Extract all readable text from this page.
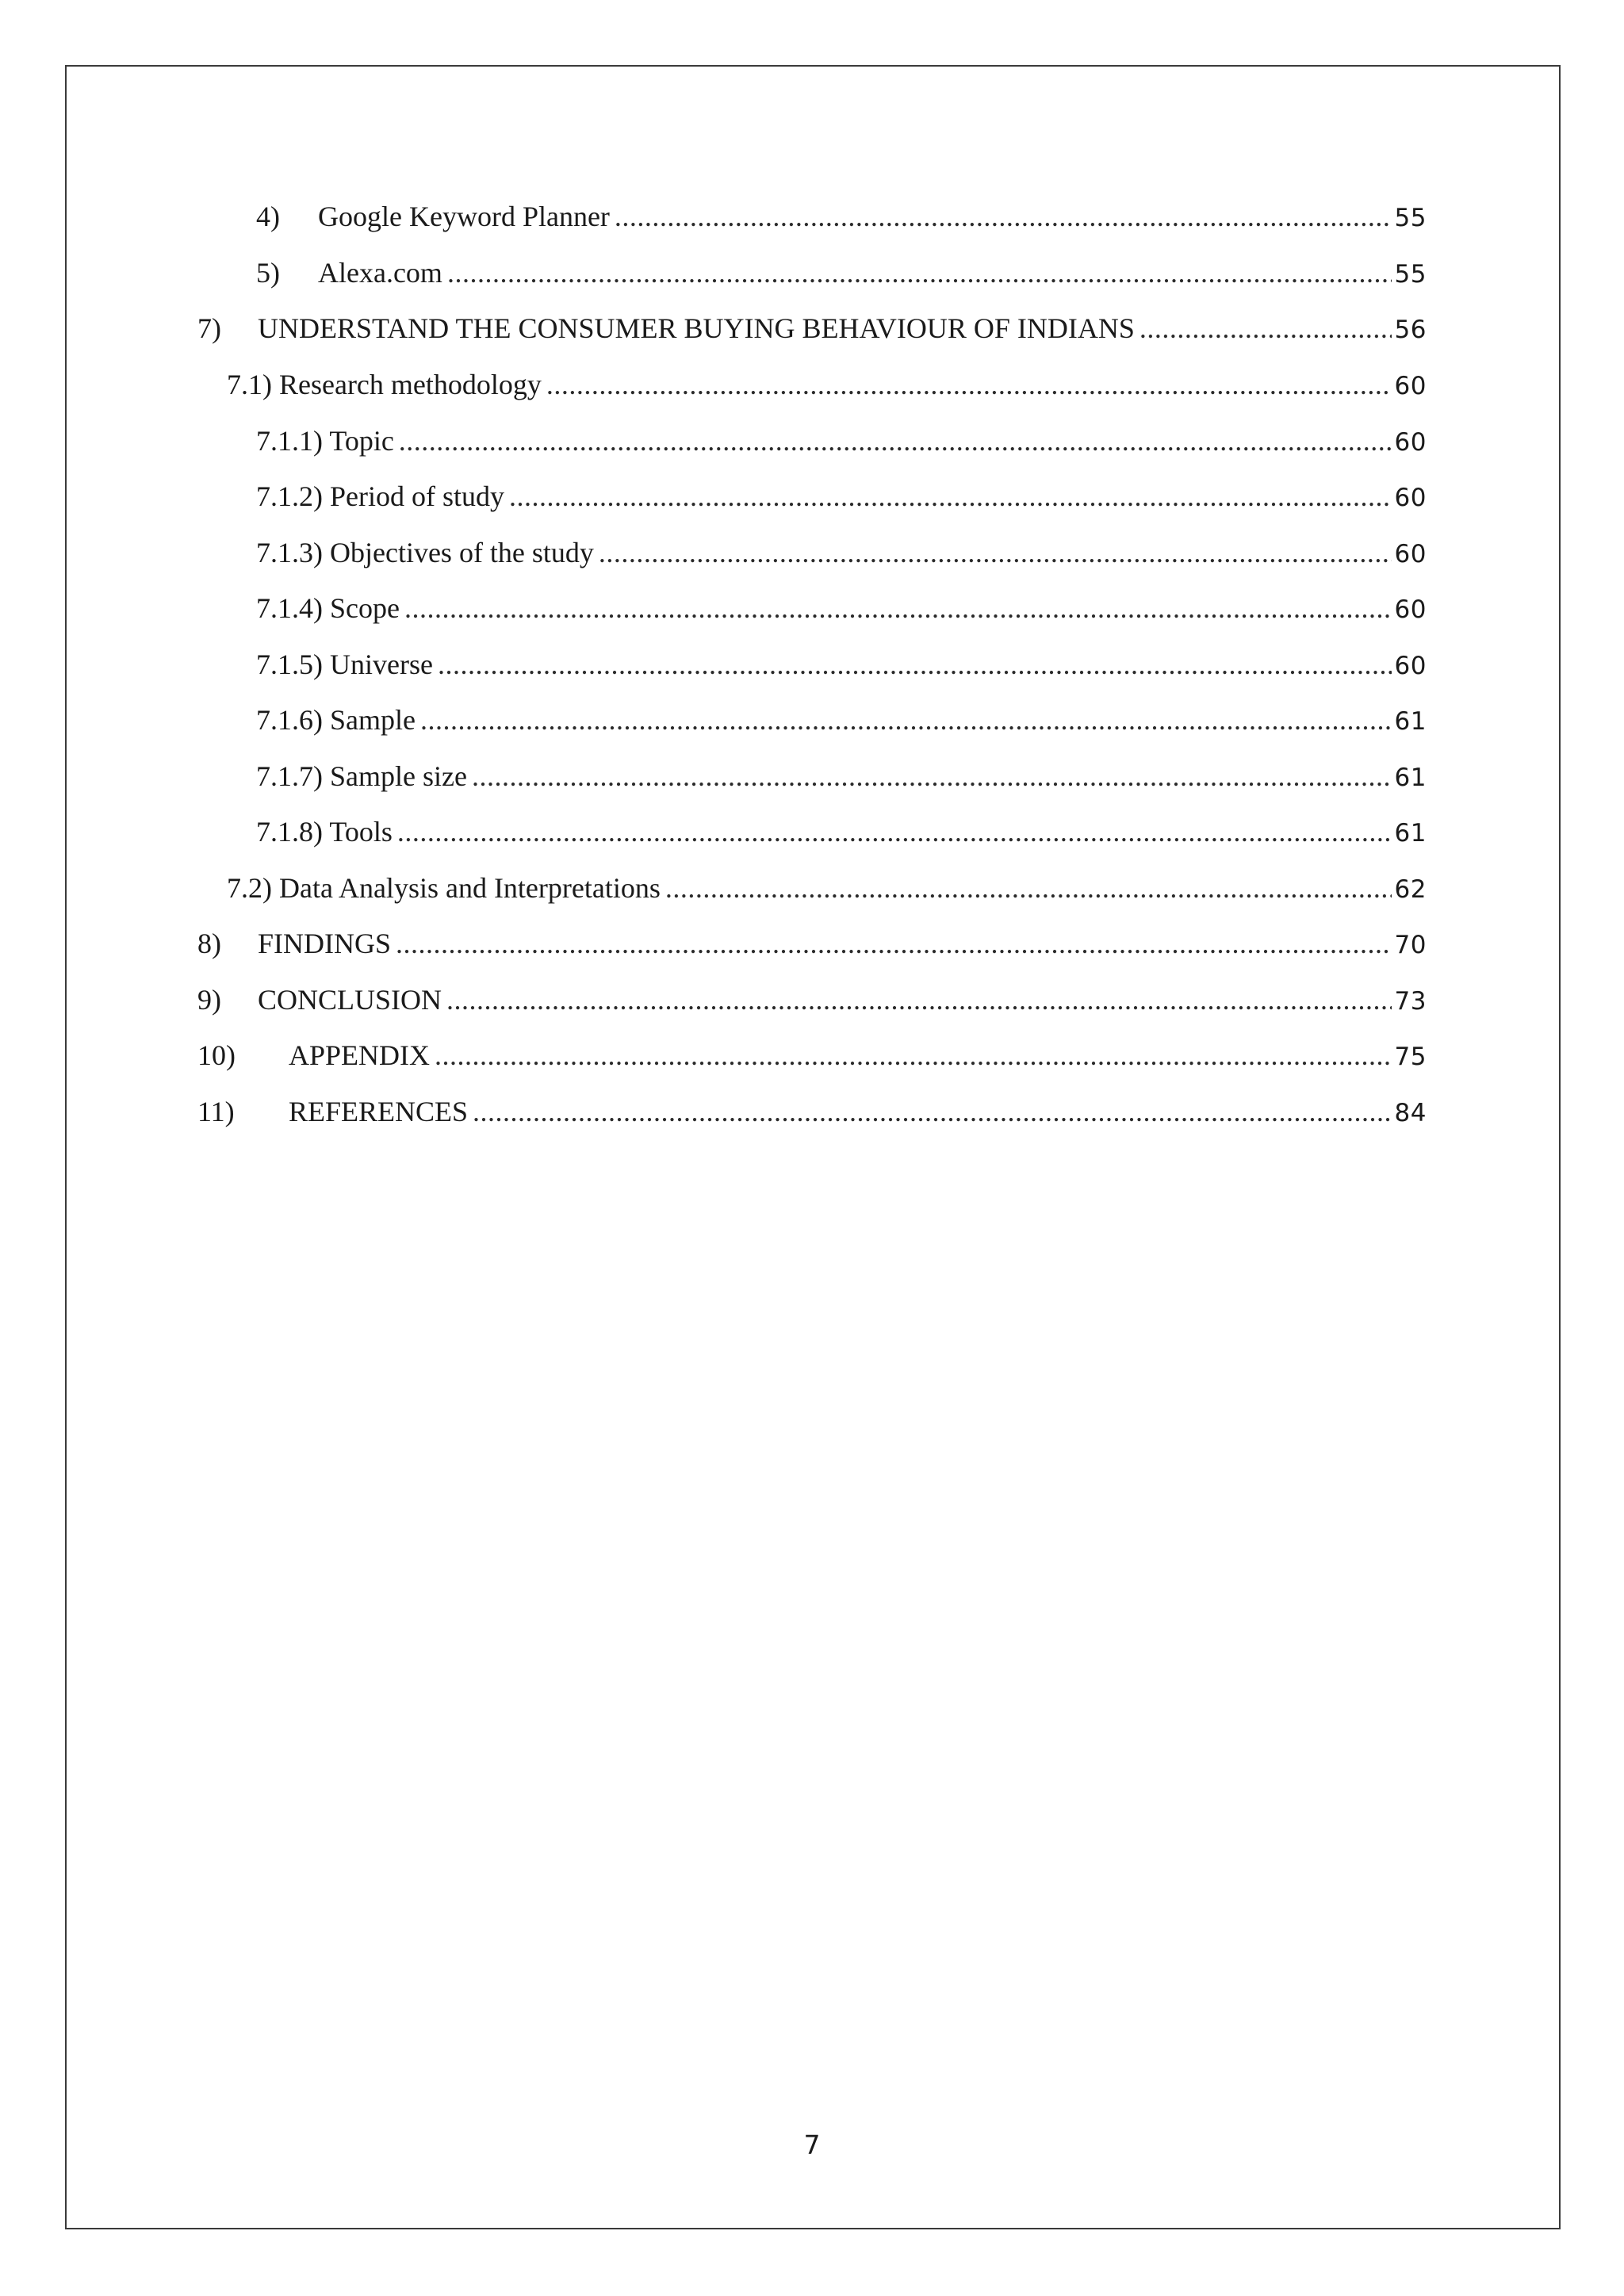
4)	Google Keyword Planner .....	55
5)	Alexa.com .....	55
7)	UNDERSTAND THE CONSUMER BUYING BEHAVIOUR OF INDIANS .....	56
7.1) Research methodology .....	60
7.1.1) Topic .....	60
7.1.2) Period of study .....	60
7.1.3) Objectives of the study .....	60
7.1.4) Scope .....	60
7.1.5) Universe .....	60
7.1.6) Sample .....	61
7.1.7) Sample size .....	61
7.1.8) Tools .....	61
7.2) Data Analysis and Interpretations .....	62
8)	FINDINGS .....	70
9)	CONCLUSION .....	73
10)	APPENDIX .....	75
11)	REFERENCES .....	84
7
